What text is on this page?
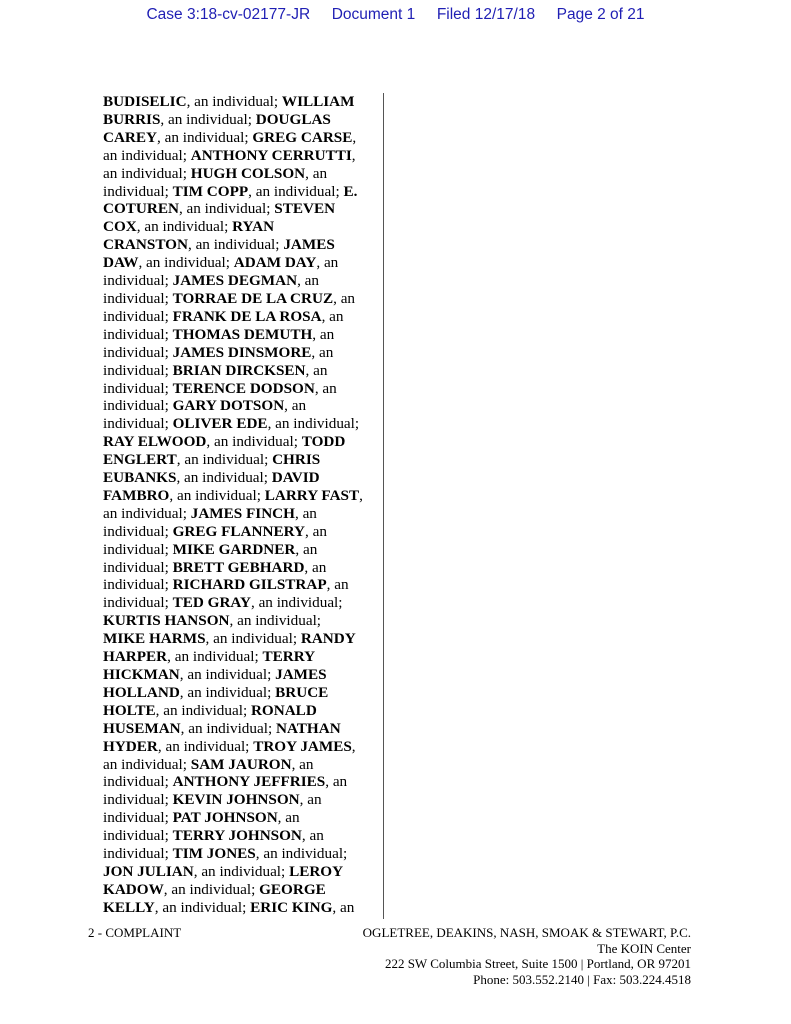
Case 3:18-cv-02177-JR Document 1 Filed 12/17/18 Page 2 of 21
BUDISELIC, an individual; WILLIAM
BURRIS, an individual; DOUGLAS
CAREY, an individual; GREG CARSE,
an individual; ANTHONY CERRUTTI,
an individual; HUGH COLSON, an
individual; TIM COPP, an individual; E.
COTUREN, an individual; STEVEN
COX, an individual; RYAN
CRANSTON, an individual; JAMES
DAW, an individual; ADAM DAY, an
individual; JAMES DEGMAN, an
individual; TORRAE DE LA CRUZ, an
individual; FRANK DE LA ROSA, an
individual; THOMAS DEMUTH, an
individual; JAMES DINSMORE, an
individual; BRIAN DIRCKSEN, an
individual; TERENCE DODSON, an
individual; GARY DOTSON, an
individual; OLIVER EDE, an individual;
RAY ELWOOD, an individual; TODD
ENGLERT, an individual; CHRIS
EUBANKS, an individual; DAVID
FAMBRO, an individual; LARRY FAST,
an individual; JAMES FINCH, an
individual; GREG FLANNERY, an
individual; MIKE GARDNER, an
individual; BRETT GEBHARD, an
individual; RICHARD GILSTRAP, an
individual; TED GRAY, an individual;
KURTIS HANSON, an individual;
MIKE HARMS, an individual; RANDY
HARPER, an individual; TERRY
HICKMAN, an individual; JAMES
HOLLAND, an individual; BRUCE
HOLTE, an individual; RONALD
HUSEMAN, an individual; NATHAN
HYDER, an individual; TROY JAMES,
an individual; SAM JAURON, an
individual; ANTHONY JEFFRIES, an
individual; KEVIN JOHNSON, an
individual; PAT JOHNSON, an
individual; TERRY JOHNSON, an
individual; TIM JONES, an individual;
JON JULIAN, an individual; LEROY
KADOW, an individual; GEORGE
KELLY, an individual; ERIC KING, an
2 - COMPLAINT	OGLETREE, DEAKINS, NASH, SMOAK & STEWART, P.C.
The KOIN Center
222 SW Columbia Street, Suite 1500 | Portland, OR 97201
Phone: 503.552.2140 | Fax: 503.224.4518
